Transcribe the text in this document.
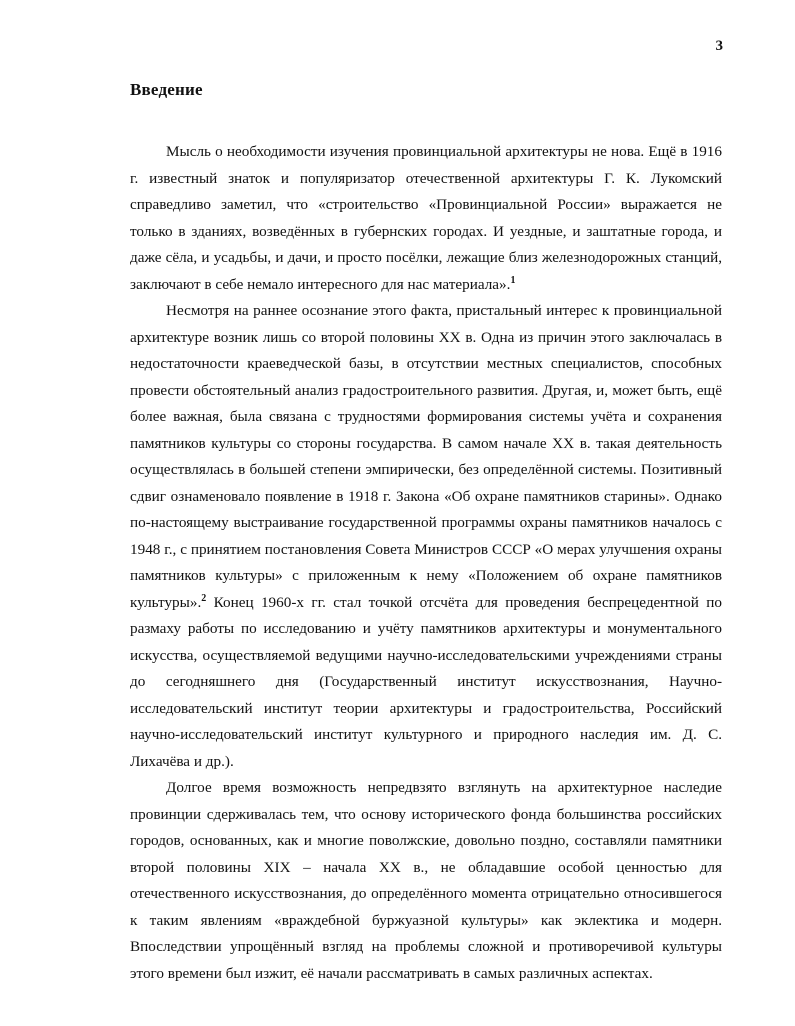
3
Введение

Мысль о необходимости изучения провинциальной архитектуры не нова. Ещё в 1916 г. известный знаток и популяризатор отечественной архитектуры Г. К. Лукомский справедливо заметил, что «строительство «Провинциальной России» выражается не только в зданиях, возведённых в губернских городах. И уездные, и заштатные города, и даже сёла, и усадьбы, и дачи, и просто посёлки, лежащие близ железнодорожных станций, заключают в себе немало интересного для нас материала».$^1$

Несмотря на раннее осознание этого факта, пристальный интерес к провинциальной архитектуре возник лишь со второй половины XX в. Одна из причин этого заключалась в недостаточности краеведческой базы, в отсутствии местных специалистов, способных провести обстоятельный анализ градостроительного развития. Другая, и, может быть, ещё более важная, была связана с трудностями формирования системы учёта и сохранения памятников культуры со стороны государства. В самом начале XX в. такая деятельность осуществлялась в большей степени эмпирически, без определённой системы. Позитивный сдвиг ознаменовало появление в 1918 г. Закона «Об охране памятников старины». Однако по-настоящему выстраивание государственной программы охраны памятников началось с 1948 г., с принятием постановления Совета Министров СССР «О мерах улучшения охраны памятников культуры» с приложенным к нему «Положением об охране памятников культуры».$^2$ Конец 1960-х гг. стал точкой отсчёта для проведения беспрецедентной по размаху работы по исследованию и учёту памятников архитектуры и монументального искусства, осуществляемой ведущими научно-исследовательскими учреждениями страны до сегодняшнего дня (Государственный институт искусствознания, Научно-исследовательский институт теории архитектуры и градостроительства, Российский научно-исследовательский институт культурного и природного наследия им. Д. С. Лихачёва и др.).

Долгое время возможность непредвзято взглянуть на архитектурное наследие провинции сдерживалась тем, что основу исторического фонда большинства российских городов, основанных, как и многие поволжские, довольно поздно, составляли памятники второй половины XIX – начала XX в., не обладавшие особой ценностью для отечественного искусствознания, до определённого момента отрицательно относившегося к таким явлениям «враждебной буржуазной культуры» как эклектика и модерн. Впоследствии упрощённый взгляд на проблемы сложной и противоречивой культуры этого времени был изжит, её начали рассматривать в самых различных аспектах.
